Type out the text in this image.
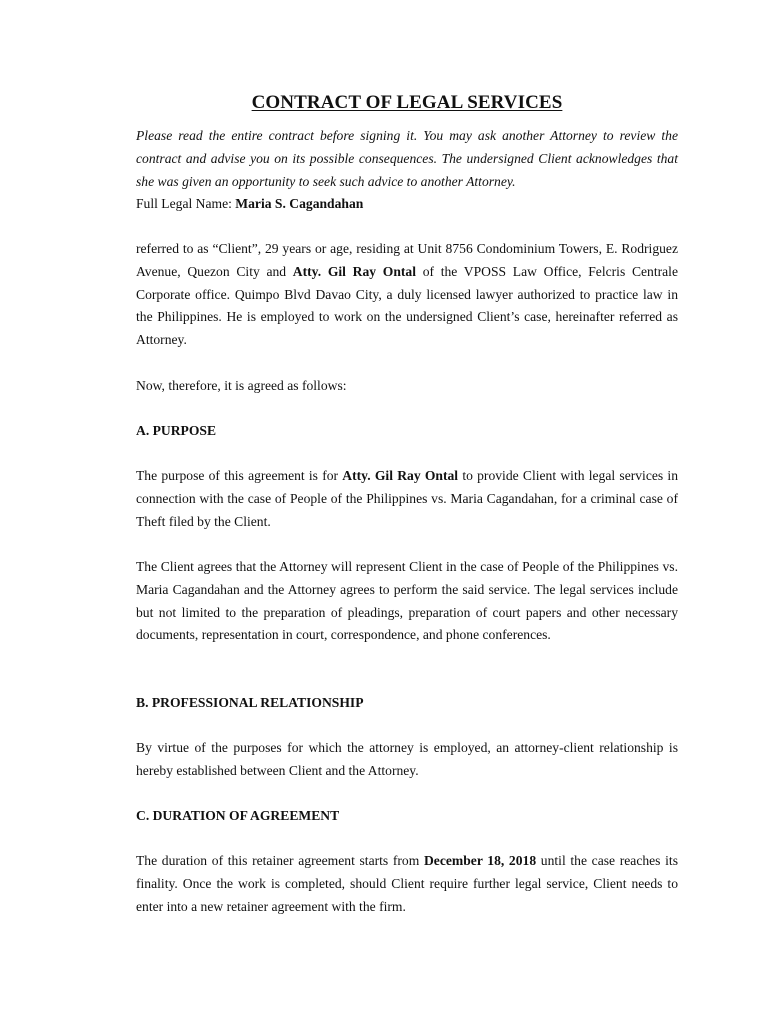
CONTRACT OF LEGAL SERVICES

Please read the entire contract before signing it. You may ask another Attorney to review the contract and advise you on its possible consequences. The undersigned Client acknowledges that she was given an opportunity to seek such advice to another Attorney.

Full Legal Name: Maria S. Cagandahan

referred to as “Client”, 29 years or age, residing at Unit 8756 Condominium Towers, E. Rodriguez Avenue, Quezon City and Atty. Gil Ray Ontal of the VPOSS Law Office, Felcris Centrale Corporate office. Quimpo Blvd Davao City, a duly licensed lawyer authorized to practice law in the Philippines. He is employed to work on the undersigned Client’s case, hereinafter referred as Attorney.

Now, therefore, it is agreed as follows:

A. PURPOSE

The purpose of this agreement is for Atty. Gil Ray Ontal to provide Client with legal services in connection with the case of People of the Philippines vs. Maria Cagandahan, for a criminal case of Theft filed by the Client.

The Client agrees that the Attorney will represent Client in the case of People of the Philippines vs. Maria Cagandahan and the Attorney agrees to perform the said service. The legal services include but not limited to the preparation of pleadings, preparation of court papers and other necessary documents, representation in court, correspondence, and phone conferences.

B. PROFESSIONAL RELATIONSHIP

By virtue of the purposes for which the attorney is employed, an attorney-client relationship is hereby established between Client and the Attorney.

C. DURATION OF AGREEMENT

The duration of this retainer agreement starts from December 18, 2018 until the case reaches its finality. Once the work is completed, should Client require further legal service, Client needs to enter into a new retainer agreement with the firm.
